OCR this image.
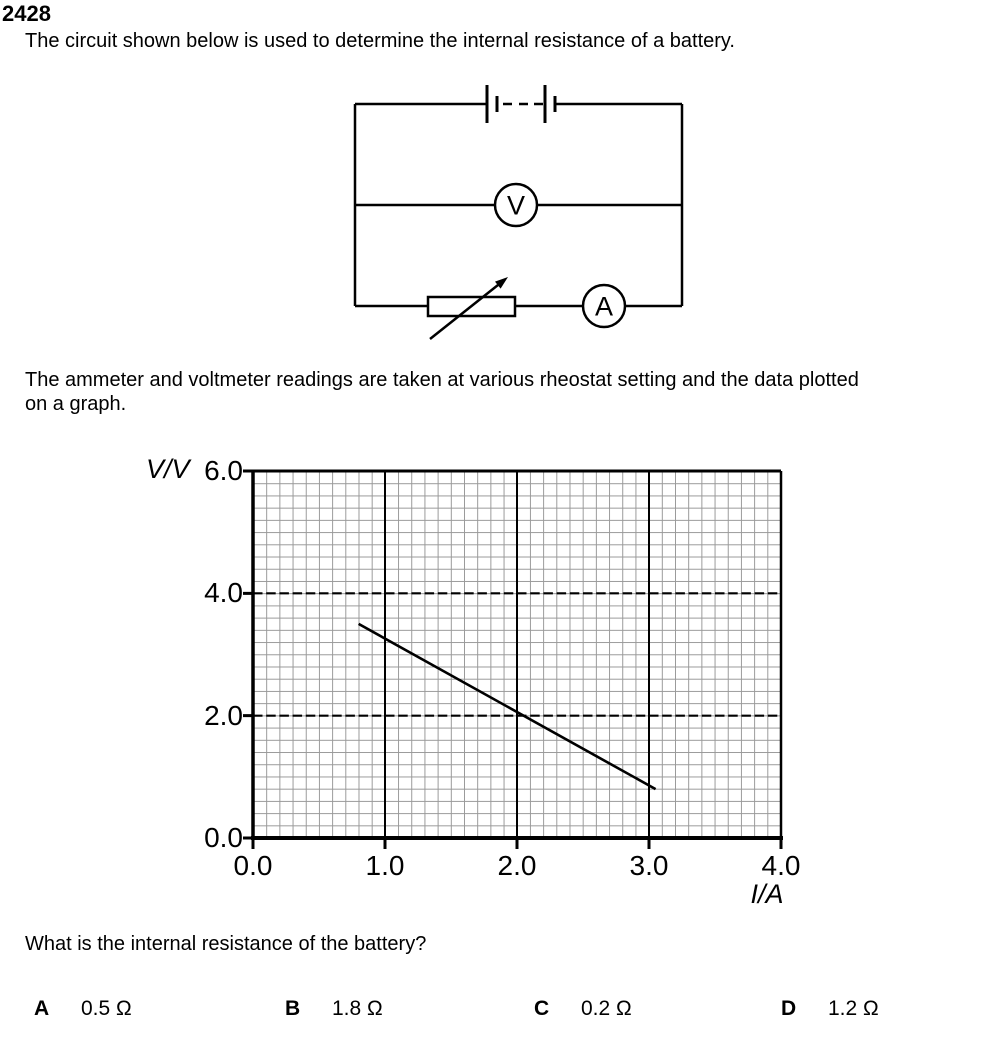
2428
The circuit shown below is used to determine the internal resistance of a battery.
V
A
The ammeter and voltmeter readings are taken at various rheostat setting and the data plotted
on a graph.
V/V 6.0
4.0
2.0
0.0
0.0	1.0	2.0	3.0	4.0
I/A
What is the internal resistance of the battery?
A 0.5 Ω	B 1.8 Ω	C 0.2 Ω	D 1.2 Ω
